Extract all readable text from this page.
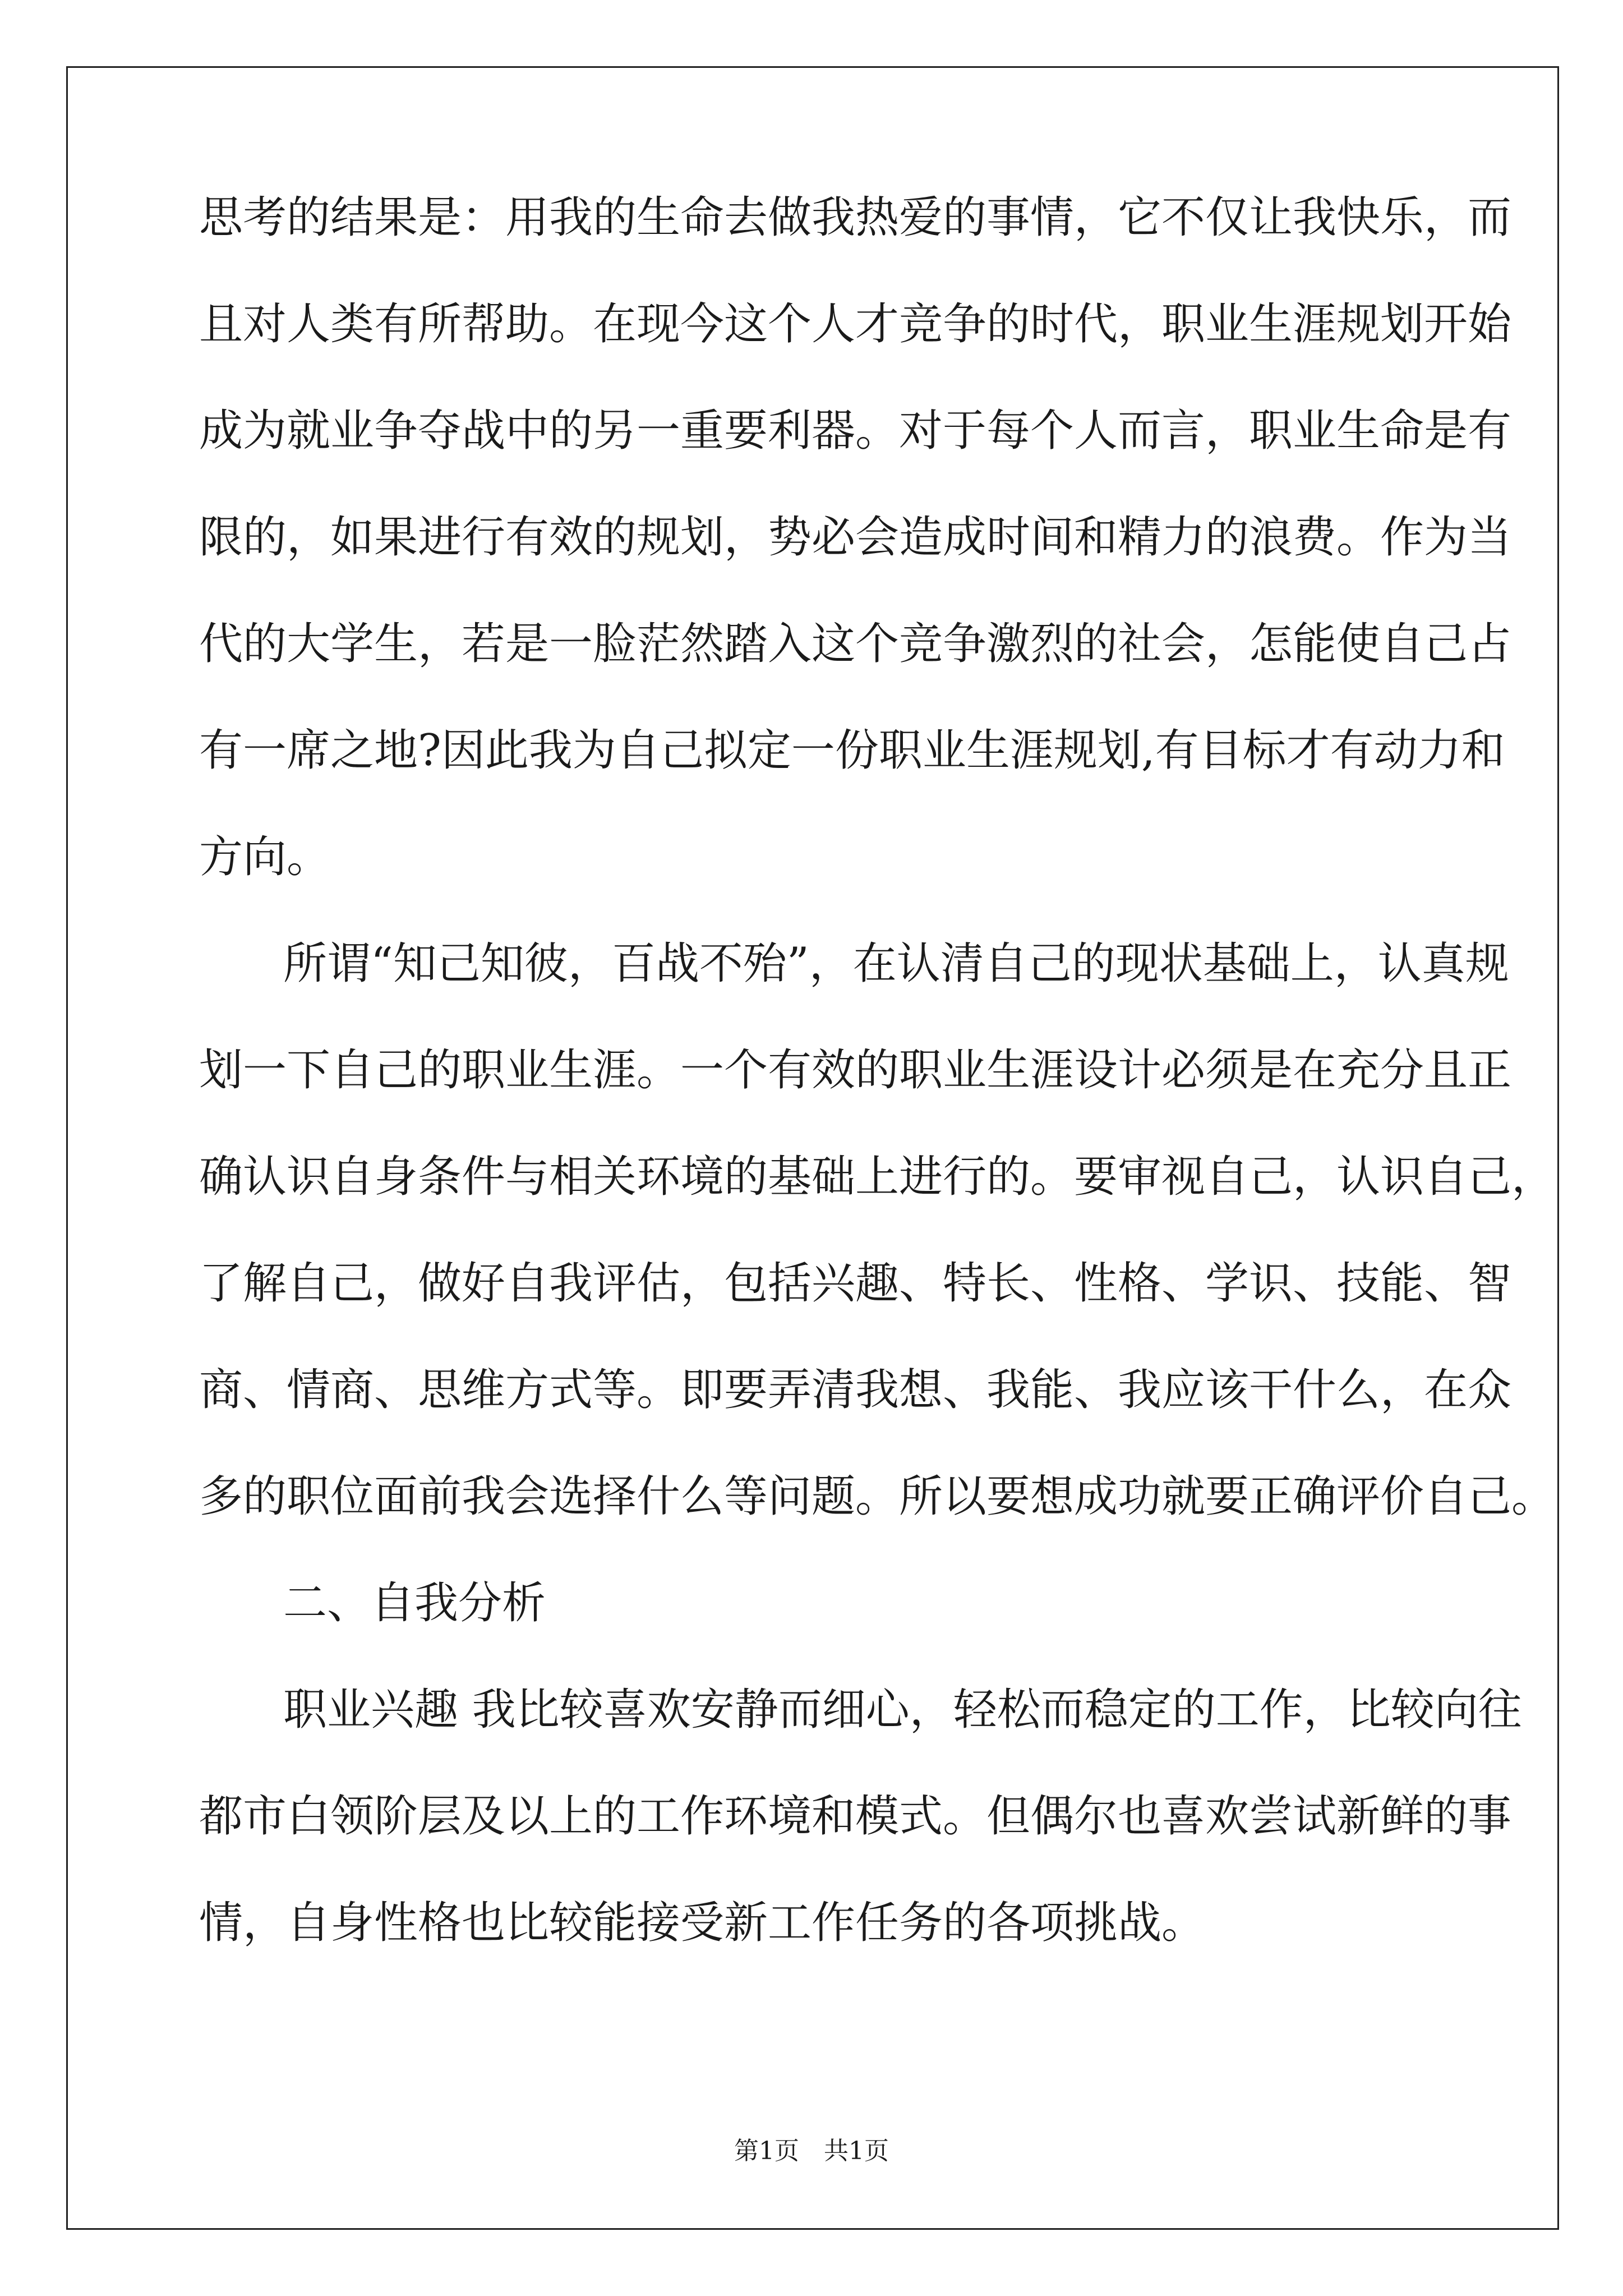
思考的结果是：用我的生命去做我热爱的事情，它不仅让我快乐，而
且对人类有所帮助。在现今这个人才竞争的时代，职业生涯规划开始
成为就业争夺战中的另一重要利器。对于每个人而言，职业生命是有
限的，如果进行有效的规划，势必会造成时间和精力的浪费。作为当
代的大学生，若是一脸茫然踏入这个竞争激烈的社会，怎能使自己占
有一席之地?因此我为自己拟定一份职业生涯规划,有目标才有动力和
方向。
所谓“知己知彼，百战不殆”，在认清自己的现状基础上，认真规
划一下自己的职业生涯。一个有效的职业生涯设计必须是在充分且正
确认识自身条件与相关环境的基础上进行的。要审视自己，认识自己，
了解自己，做好自我评估，包括兴趣、特长、性格、学识、技能、智
商、情商、思维方式等。即要弄清我想、我能、我应该干什么，在众
多的职位面前我会选择什么等问题。所以要想成功就要正确评价自己。
二、自我分析
职业兴趣 我比较喜欢安静而细心，轻松而稳定的工作，比较向往
都市白领阶层及以上的工作环境和模式。但偶尔也喜欢尝试新鲜的事
情，自身性格也比较能接受新工作任务的各项挑战。
第1页　共1页
